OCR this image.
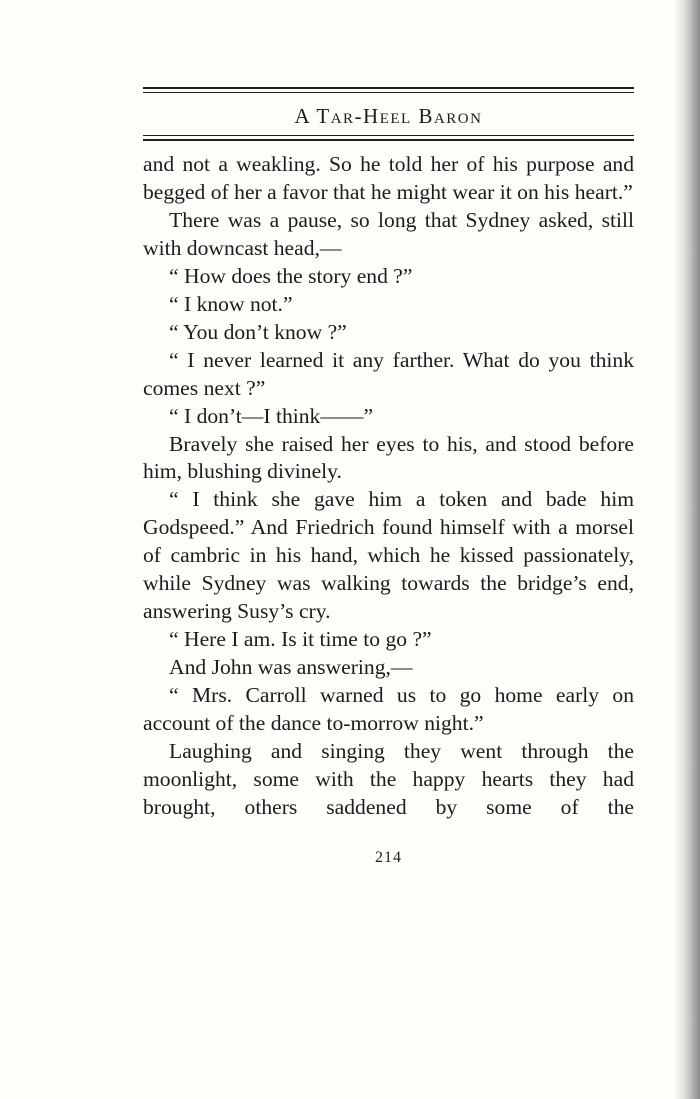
A Tar-Heel Baron

and not a weakling. So he told her of his purpose and begged of her a favor that he might wear it on his heart.”

There was a pause, so long that Sydney asked, still with downcast head,—

“ How does the story end ?”

“ I know not.”

“ You don’t know ?”

“ I never learned it any farther. What do you think comes next ?”

“ I don’t—I think——”

Bravely she raised her eyes to his, and stood before him, blushing divinely.

“ I think she gave him a token and bade him Godspeed.” And Friedrich found himself with a morsel of cambric in his hand, which he kissed passionately, while Sydney was walking towards the bridge’s end, answering Susy’s cry.

“ Here I am. Is it time to go ?”

And John was answering,—

“ Mrs. Carroll warned us to go home early on account of the dance to-morrow night.”

Laughing and singing they went through the moonlight, some with the happy hearts they had brought, others saddened by some of the

214
